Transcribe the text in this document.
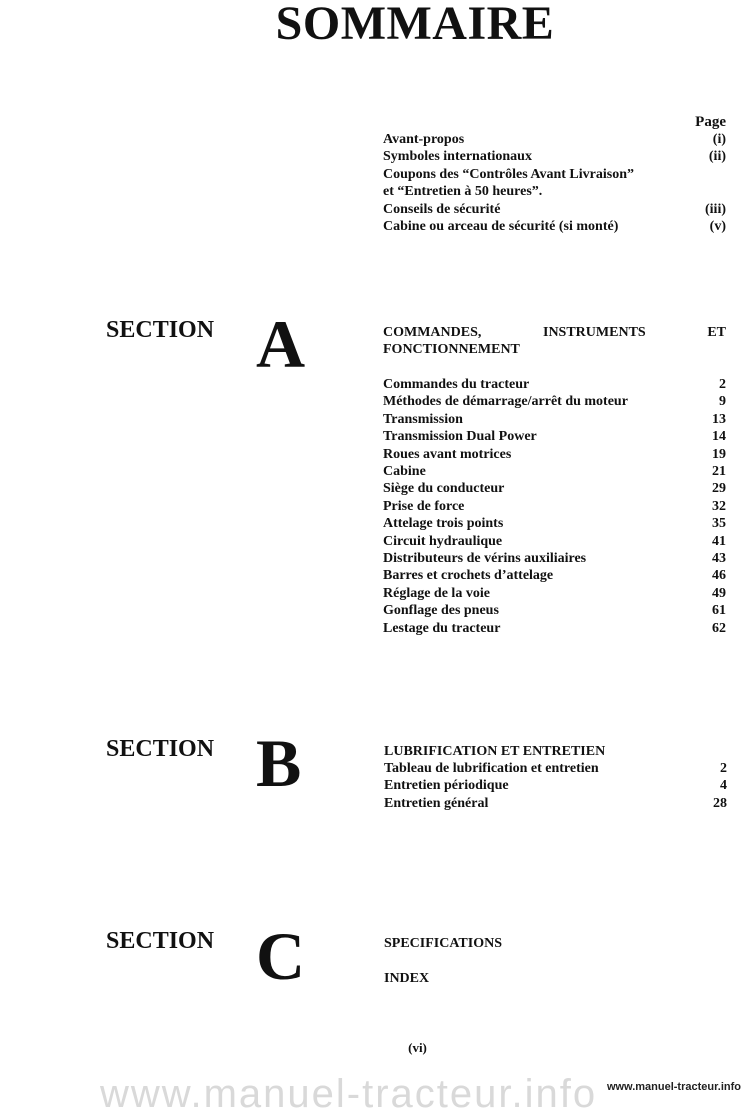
SOMMAIRE
Page
Avant-propos	(i)
Symboles internationaux	(ii)
Coupons des “Contrôles Avant Livraison”
et “Entretien à 50 heures”.
Conseils de sécurité	(iii)
Cabine ou arceau de sécurité (si monté)	(v)
SECTION A	COMMANDES,	INSTRUMENTS	ET
FONCTIONNEMENT
Commandes du tracteur	2
Méthodes de démarrage/arrêt du moteur	9
Transmission	13
Transmission Dual Power	14
Roues avant motrices	19
Cabine	21
Siège du conducteur	29
Prise de force	32
Attelage trois points	35
Circuit hydraulique	41
Distributeurs de vérins auxiliaires	43
Barres et crochets d’attelage	46
Réglage de la voie	49
Gonflage des pneus	61
Lestage du tracteur	62
SECTION B	LUBRIFICATION ET ENTRETIEN
Tableau de lubrification et entretien	2
Entretien périodique	4
Entretien général	28
SECTION C	SPECIFICATIONS
INDEX
(vi)
www.manuel-tracteur.info www.manuel-tracteur.info
